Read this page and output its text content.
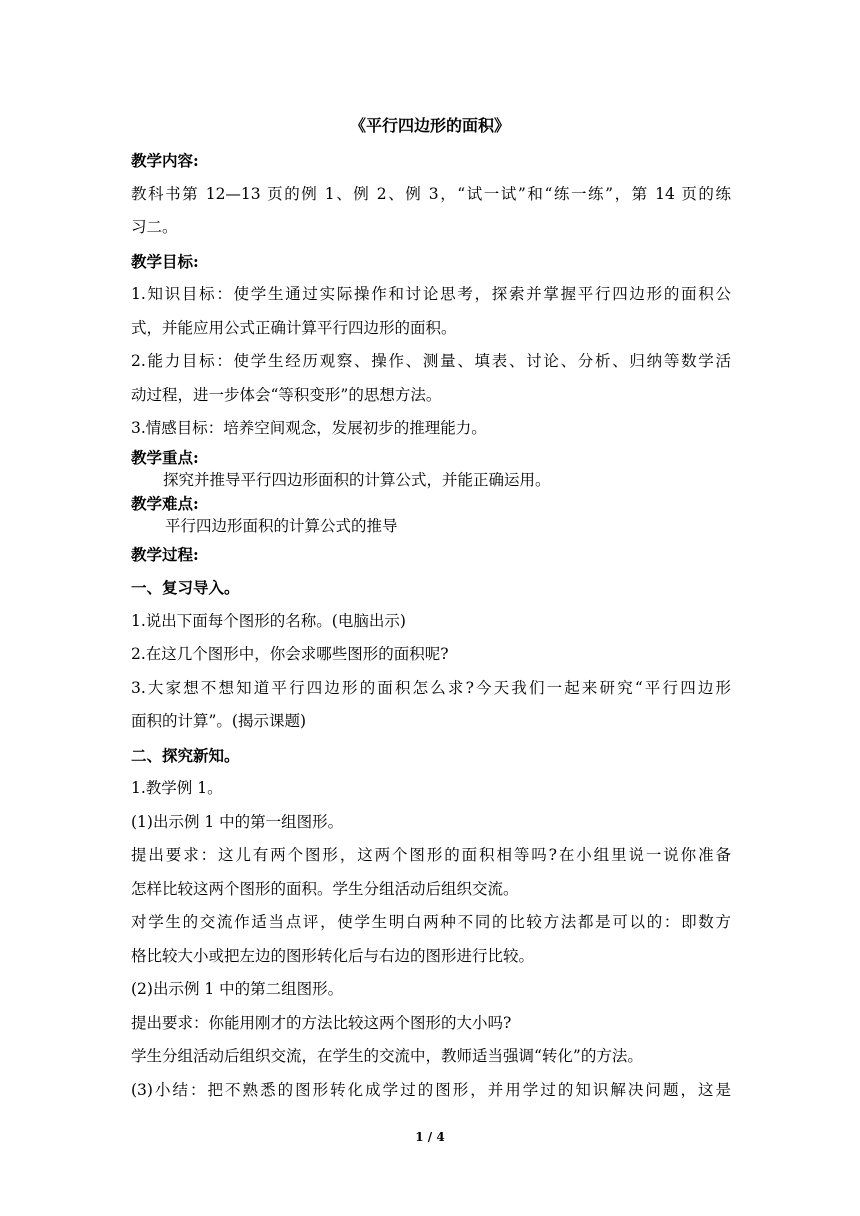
《平行四边形的面积》
教学内容:
教科书第 12—13 页的例 1、例 2、例 3，“试一试”和“练一练”，第 14 页的练
习二。
教学目标:
1.知识目标：使学生通过实际操作和讨论思考，探索并掌握平行四边形的面积公
式，并能应用公式正确计算平行四边形的面积。
2.能力目标：使学生经历观察、操作、测量、填表、讨论、分析、归纳等数学活
动过程，进一步体会“等积变形”的思想方法。
3.情感目标：培养空间观念，发展初步的推理能力。
教学重点:
探究并推导平行四边形面积的计算公式，并能正确运用。
教学难点:
平行四边形面积的计算公式的推导
教学过程:
一、复习导入。
1.说出下面每个图形的名称。(电脑出示)
2.在这几个图形中，你会求哪些图形的面积呢?
3.大家想不想知道平行四边形的面积怎么求?今天我们一起来研究“平行四边形
面积的计算”。(揭示课题)
二、探究新知。
1.教学例 1。
(1)出示例 1 中的第一组图形。
提出要求：这儿有两个图形，这两个图形的面积相等吗?在小组里说一说你准备
怎样比较这两个图形的面积。学生分组活动后组织交流。
对学生的交流作适当点评，使学生明白两种不同的比较方法都是可以的：即数方
格比较大小或把左边的图形转化后与右边的图形进行比较。
(2)出示例 1 中的第二组图形。
提出要求：你能用刚才的方法比较这两个图形的大小吗?
学生分组活动后组织交流，在学生的交流中，教师适当强调“转化”的方法。
(3)小结：把不熟悉的图形转化成学过的图形，并用学过的知识解决问题，这是
1 / 4
